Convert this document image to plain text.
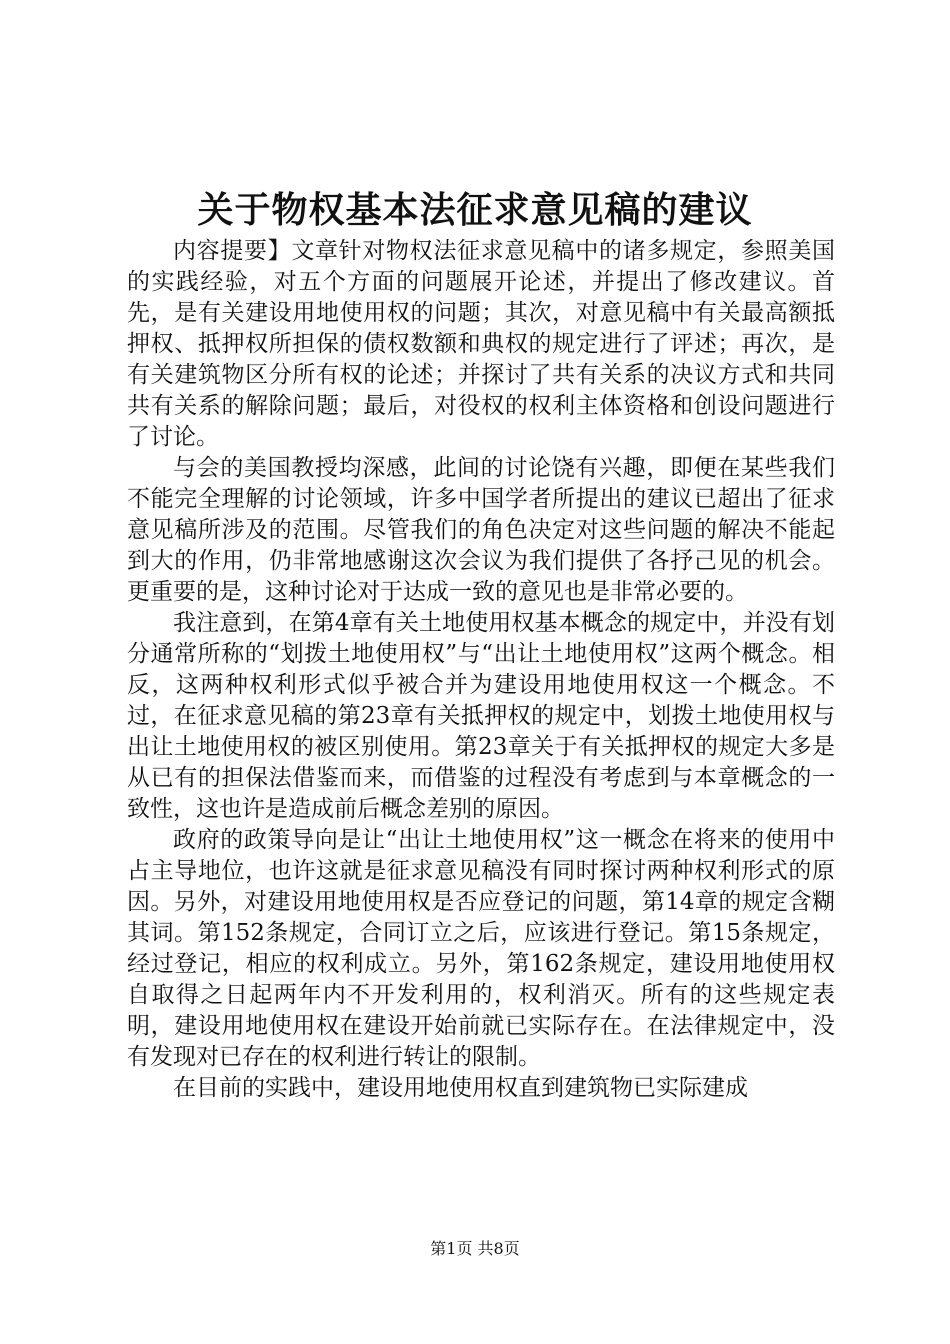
关于物权基本法征求意见稿的建议

内容提要】文章针对物权法征求意见稿中的诸多规定，参照美国的实践经验，对五个方面的问题展开论述，并提出了修改建议。首先，是有关建设用地使用权的问题；其次，对意见稿中有关最高额抵押权、抵押权所担保的债权数额和典权的规定进行了评述；再次，是有关建筑物区分所有权的论述；并探讨了共有关系的决议方式和共同共有关系的解除问题；最后，对役权的权利主体资格和创设问题进行了讨论。

与会的美国教授均深感，此间的讨论饶有兴趣，即便在某些我们不能完全理解的讨论领域，许多中国学者所提出的建议已超出了征求意见稿所涉及的范围。尽管我们的角色决定对这些问题的解决不能起到大的作用，仍非常地感谢这次会议为我们提供了各抒己见的机会。更重要的是，这种讨论对于达成一致的意见也是非常必要的。

我注意到，在第4章有关土地使用权基本概念的规定中，并没有划分通常所称的“划拨土地使用权”与“出让土地使用权”这两个概念。相反，这两种权利形式似乎被合并为建设用地使用权这一个概念。不过，在征求意见稿的第23章有关抵押权的规定中，划拨土地使用权与出让土地使用权的被区别使用。第23章关于有关抵押权的规定大多是从已有的担保法借鉴而来，而借鉴的过程没有考虑到与本章概念的一致性，这也许是造成前后概念差别的原因。

政府的政策导向是让“出让土地使用权”这一概念在将来的使用中占主导地位，也许这就是征求意见稿没有同时探讨两种权利形式的原因。另外，对建设用地使用权是否应登记的问题，第14章的规定含糊其词。第152条规定，合同订立之后，应该进行登记。第15条规定，经过登记，相应的权利成立。另外，第162条规定，建设用地使用权自取得之日起两年内不开发利用的，权利消灭。所有的这些规定表明，建设用地使用权在建设开始前就已实际存在。在法律规定中，没有发现对已存在的权利进行转让的限制。

在目前的实践中，建设用地使用权直到建筑物已实际建成

第1页 共8页
